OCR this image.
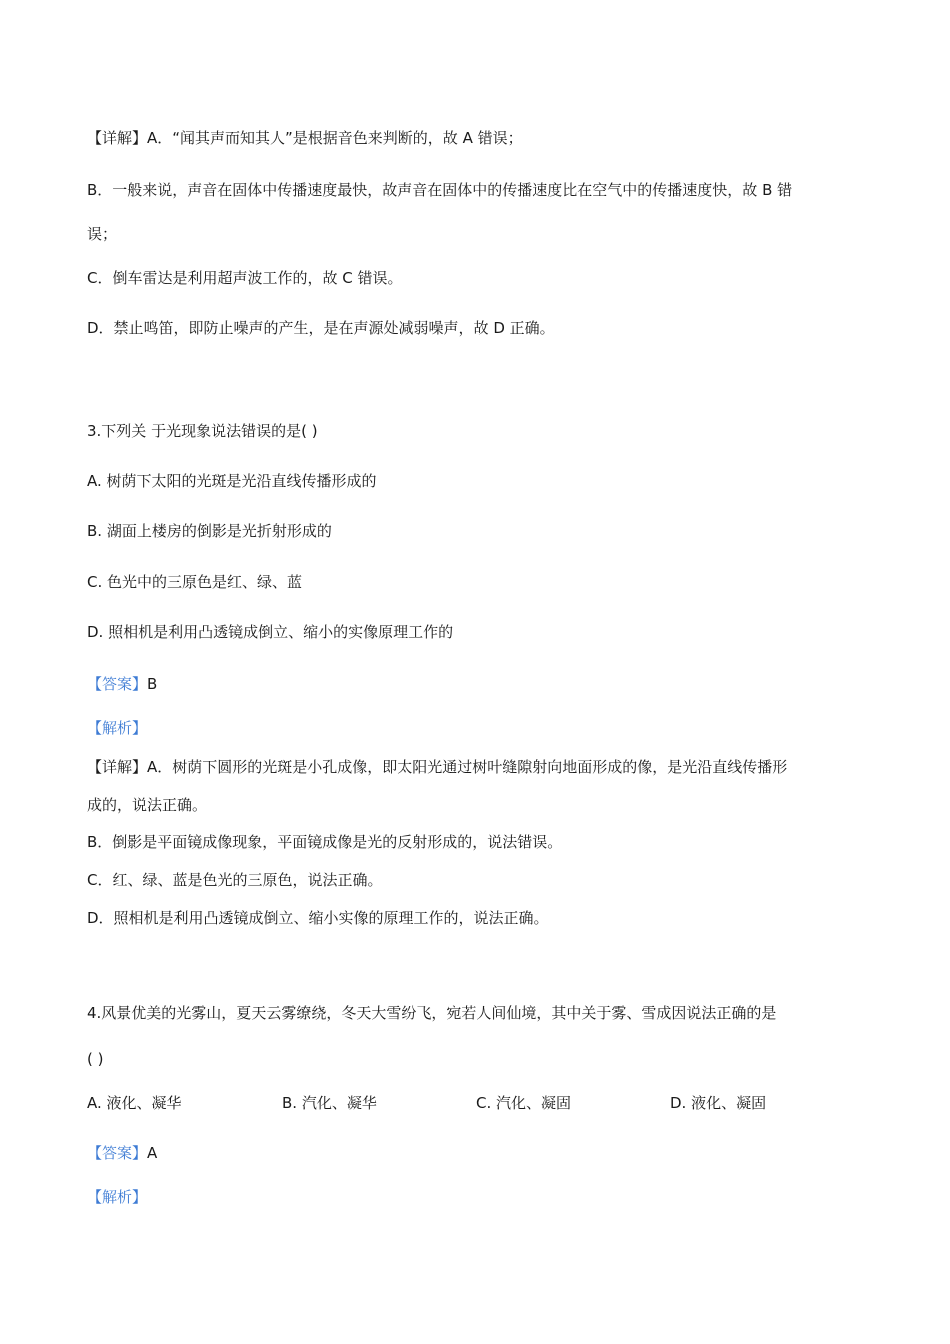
【详解】A．“闻其声而知其人”是根据音色来判断的，故 A 错误；
B．一般来说，声音在固体中传播速度最快，故声音在固体中的传播速度比在空气中的传播速度快，故 B 错
误；
C．倒车雷达是利用超声波工作的，故 C 错误。
D．禁止鸣笛，即防止噪声的产生，是在声源处减弱噪声，故 D 正确。
3.下列关 于光现象说法错误的是( )
A. 树荫下太阳的光斑是光沿直线传播形成的
B. 湖面上楼房的倒影是光折射形成的
C. 色光中的三原色是红、绿、蓝
D. 照相机是利用凸透镜成倒立、缩小的实像原理工作的
【答案】B
【解析】
【详解】A．树荫下圆形的光斑是小孔成像，即太阳光通过树叶缝隙射向地面形成的像，是光沿直线传播形
成的，说法正确。
B．倒影是平面镜成像现象，平面镜成像是光的反射形成的，说法错误。
C．红、绿、蓝是色光的三原色，说法正确。
D．照相机是利用凸透镜成倒立、缩小实像的原理工作的，说法正确。
4.风景优美的光雾山，夏天云雾缭绕，冬天大雪纷飞，宛若人间仙境，其中关于雾、雪成因说法正确的是
( )
A. 液化、凝华	B. 汽化、凝华	C. 汽化、凝固	D. 液化、凝固
【答案】A
【解析】
